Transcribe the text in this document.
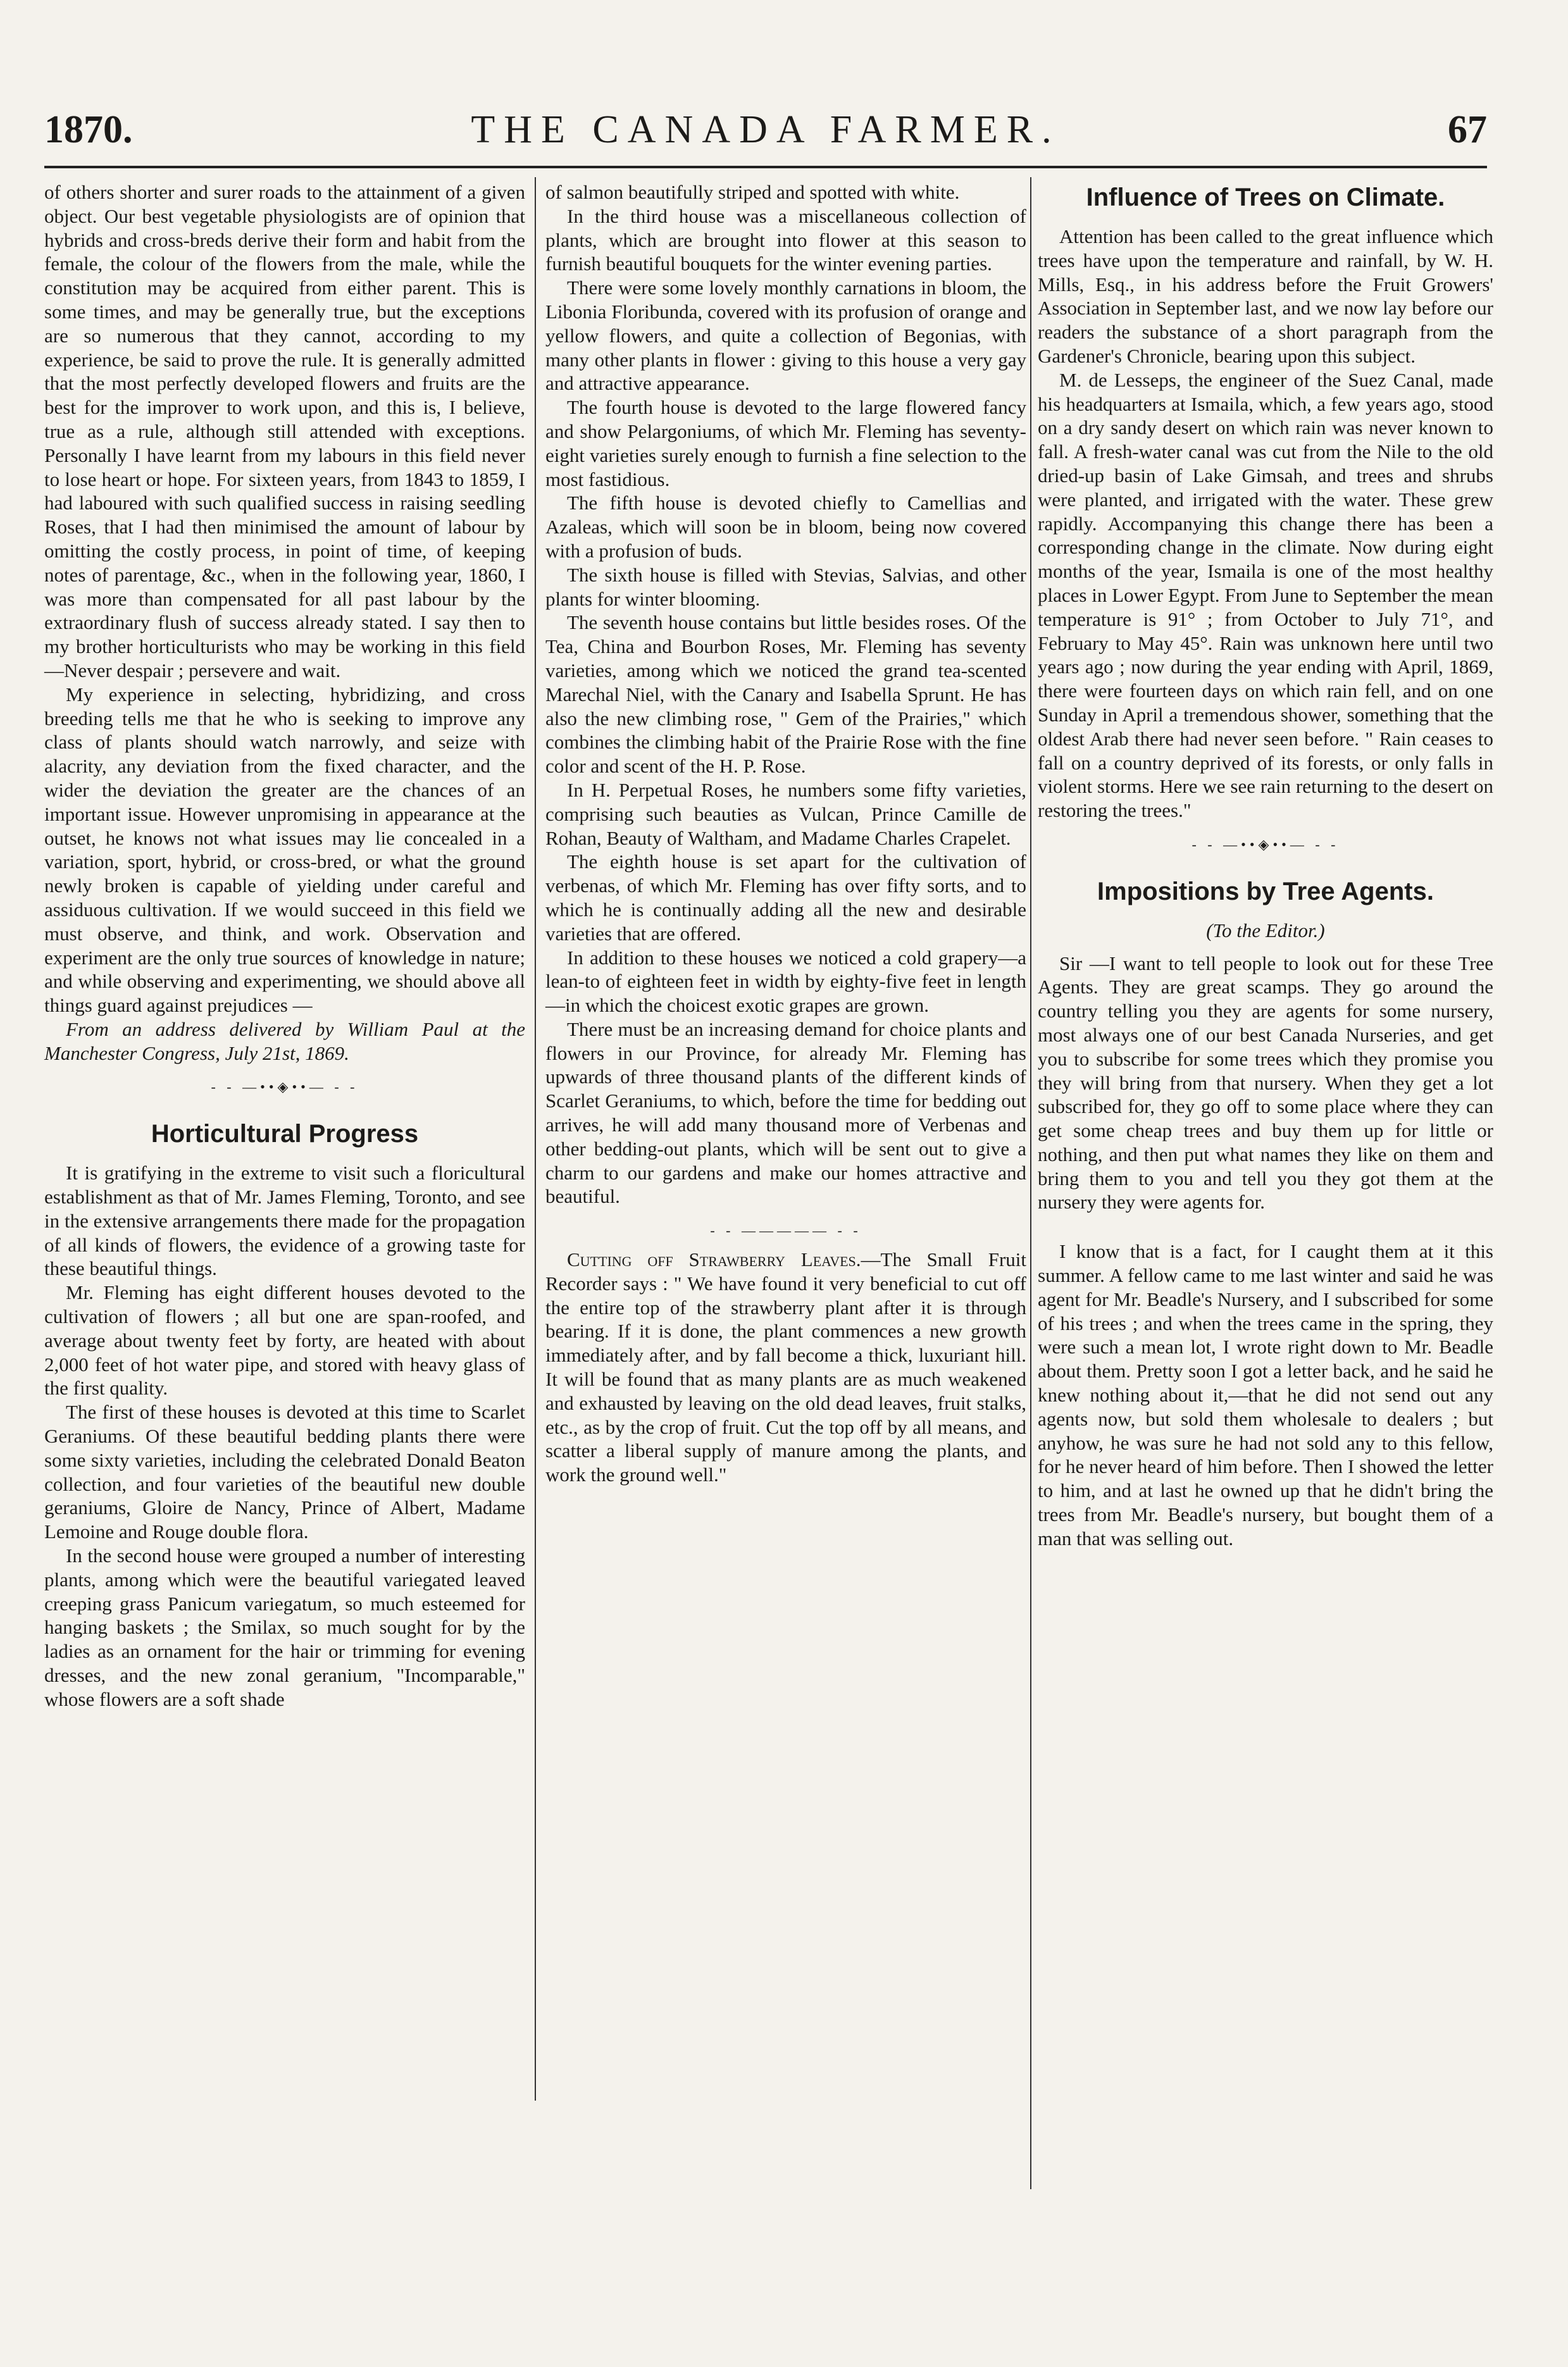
1870.	THE CANADA FARMER.	67

of others shorter and surer roads to the attainment of a given object. Our best vegetable physiologists are of opinion that hybrids and cross-breds derive their form and habit from the female, the colour of the flowers from the male, while the constitution may be acquired from either parent. This is some times, and may be generally true, but the exceptions are so numerous that they cannot, according to my experience, be said to prove the rule. It is generally admitted that the most perfectly developed flowers and fruits are the best for the improver to work upon, and this is, I believe, true as a rule, although still attended with exceptions. Personally I have learnt from my labours in this field never to lose heart or hope. For sixteen years, from 1843 to 1859, I had laboured with such qualified success in raising seedling Roses, that I had then minimised the amount of labour by omitting the costly process, in point of time, of keeping notes of parentage, &c., when in the following year, 1860, I was more than compensated for all past labour by the extraordinary flush of success already stated. I say then to my brother horticulturists who may be working in this field—Never despair ; persevere and wait.

My experience in selecting, hybridizing, and cross breeding tells me that he who is seeking to improve any class of plants should watch narrowly, and seize with alacrity, any deviation from the fixed character, and the wider the deviation the greater are the chances of an important issue. However unpromising in appearance at the outset, he knows not what issues may lie concealed in a variation, sport, hybrid, or cross-bred, or what the ground newly broken is capable of yielding under careful and assiduous cultivation. If we would succeed in this field we must observe, and think, and work. Observation and experiment are the only true sources of knowledge in nature; and while observing and experimenting, we should above all things guard against prejudices —

From an address delivered by William Paul at the Manchester Congress, July 21st, 1869.

- - —••◈••— - -
Horticultural Progress

It is gratifying in the extreme to visit such a floricultural establishment as that of Mr. James Fleming, Toronto, and see in the extensive arrangements there made for the propagation of all kinds of flowers, the evidence of a growing taste for these beautiful things.

Mr. Fleming has eight different houses devoted to the cultivation of flowers ; all but one are span-roofed, and average about twenty feet by forty, are heated with about 2,000 feet of hot water pipe, and stored with heavy glass of the first quality.

The first of these houses is devoted at this time to Scarlet Geraniums. Of these beautiful bedding plants there were some sixty varieties, including the celebrated Donald Beaton collection, and four varieties of the beautiful new double geraniums, Gloire de Nancy, Prince of Albert, Madame Lemoine and Rouge double flora.

In the second house were grouped a number of interesting plants, among which were the beautiful variegated leaved creeping grass Panicum variegatum, so much esteemed for hanging baskets ; the Smilax, so much sought for by the ladies as an ornament for the hair or trimming for evening dresses, and the new zonal geranium, "Incomparable," whose flowers are a soft shade

of salmon beautifully striped and spotted with white.

In the third house was a miscellaneous collection of plants, which are brought into flower at this season to furnish beautiful bouquets for the winter evening parties.

There were some lovely monthly carnations in bloom, the Libonia Floribunda, covered with its profusion of orange and yellow flowers, and quite a collection of Begonias, with many other plants in flower : giving to this house a very gay and attractive appearance.

The fourth house is devoted to the large flowered fancy and show Pelargoniums, of which Mr. Fleming has seventy-eight varieties surely enough to furnish a fine selection to the most fastidious.

The fifth house is devoted chiefly to Camellias and Azaleas, which will soon be in bloom, being now covered with a profusion of buds.

The sixth house is filled with Stevias, Salvias, and other plants for winter blooming.

The seventh house contains but little besides roses. Of the Tea, China and Bourbon Roses, Mr. Fleming has seventy varieties, among which we noticed the grand tea-scented Marechal Niel, with the Canary and Isabella Sprunt. He has also the new climbing rose, " Gem of the Prairies," which combines the climbing habit of the Prairie Rose with the fine color and scent of the H. P. Rose.

In H. Perpetual Roses, he numbers some fifty varieties, comprising such beauties as Vulcan, Prince Camille de Rohan, Beauty of Waltham, and Madame Charles Crapelet.

The eighth house is set apart for the cultivation of verbenas, of which Mr. Fleming has over fifty sorts, and to which he is continually adding all the new and desirable varieties that are offered.

In addition to these houses we noticed a cold grapery—a lean-to of eighteen feet in width by eighty-five feet in length—in which the choicest exotic grapes are grown.

There must be an increasing demand for choice plants and flowers in our Province, for already Mr. Fleming has upwards of three thousand plants of the different kinds of Scarlet Geraniums, to which, before the time for bedding out arrives, he will add many thousand more of Verbenas and other bedding-out plants, which will be sent out to give a charm to our gardens and make our homes attractive and beautiful.

- - ————— - -

Cutting off Strawberry Leaves.—The Small Fruit Recorder says : " We have found it very beneficial to cut off the entire top of the strawberry plant after it is through bearing. If it is done, the plant commences a new growth immediately after, and by fall become a thick, luxuriant hill. It will be found that as many plants are as much weakened and exhausted by leaving on the old dead leaves, fruit stalks, etc., as by the crop of fruit. Cut the top off by all means, and scatter a liberal supply of manure among the plants, and work the ground well."

Influence of Trees on Climate.

Attention has been called to the great influence which trees have upon the temperature and rainfall, by W. H. Mills, Esq., in his address before the Fruit Growers' Association in September last, and we now lay before our readers the substance of a short paragraph from the Gardener's Chronicle, bearing upon this subject.

M. de Lesseps, the engineer of the Suez Canal, made his headquarters at Ismaila, which, a few years ago, stood on a dry sandy desert on which rain was never known to fall. A fresh-water canal was cut from the Nile to the old dried-up basin of Lake Gimsah, and trees and shrubs were planted, and irrigated with the water. These grew rapidly. Accompanying this change there has been a corresponding change in the climate. Now during eight months of the year, Ismaila is one of the most healthy places in Lower Egypt. From June to September the mean temperature is 91° ; from October to July 71°, and February to May 45°. Rain was unknown here until two years ago ; now during the year ending with April, 1869, there were fourteen days on which rain fell, and on one Sunday in April a tremendous shower, something that the oldest Arab there had never seen before. " Rain ceases to fall on a country deprived of its forests, or only falls in violent storms. Here we see rain returning to the desert on restoring the trees."

- - —••◈••— - -
Impositions by Tree Agents.

(To the Editor.)

Sir —I want to tell people to look out for these Tree Agents. They are great scamps. They go around the country telling you they are agents for some nursery, most always one of our best Canada Nurseries, and get you to subscribe for some trees which they promise you they will bring from that nursery. When they get a lot subscribed for, they go off to some place where they can get some cheap trees and buy them up for little or nothing, and then put what names they like on them and bring them to you and tell you they got them at the nursery they were agents for.

I know that is a fact, for I caught them at it this summer. A fellow came to me last winter and said he was agent for Mr. Beadle's Nursery, and I subscribed for some of his trees ; and when the trees came in the spring, they were such a mean lot, I wrote right down to Mr. Beadle about them. Pretty soon I got a letter back, and he said he knew nothing about it,—that he did not send out any agents now, but sold them wholesale to dealers ; but anyhow, he was sure he had not sold any to this fellow, for he never heard of him before. Then I showed the letter to him, and at last he owned up that he didn't bring the trees from Mr. Beadle's nursery, but bought them of a man that was selling out.
